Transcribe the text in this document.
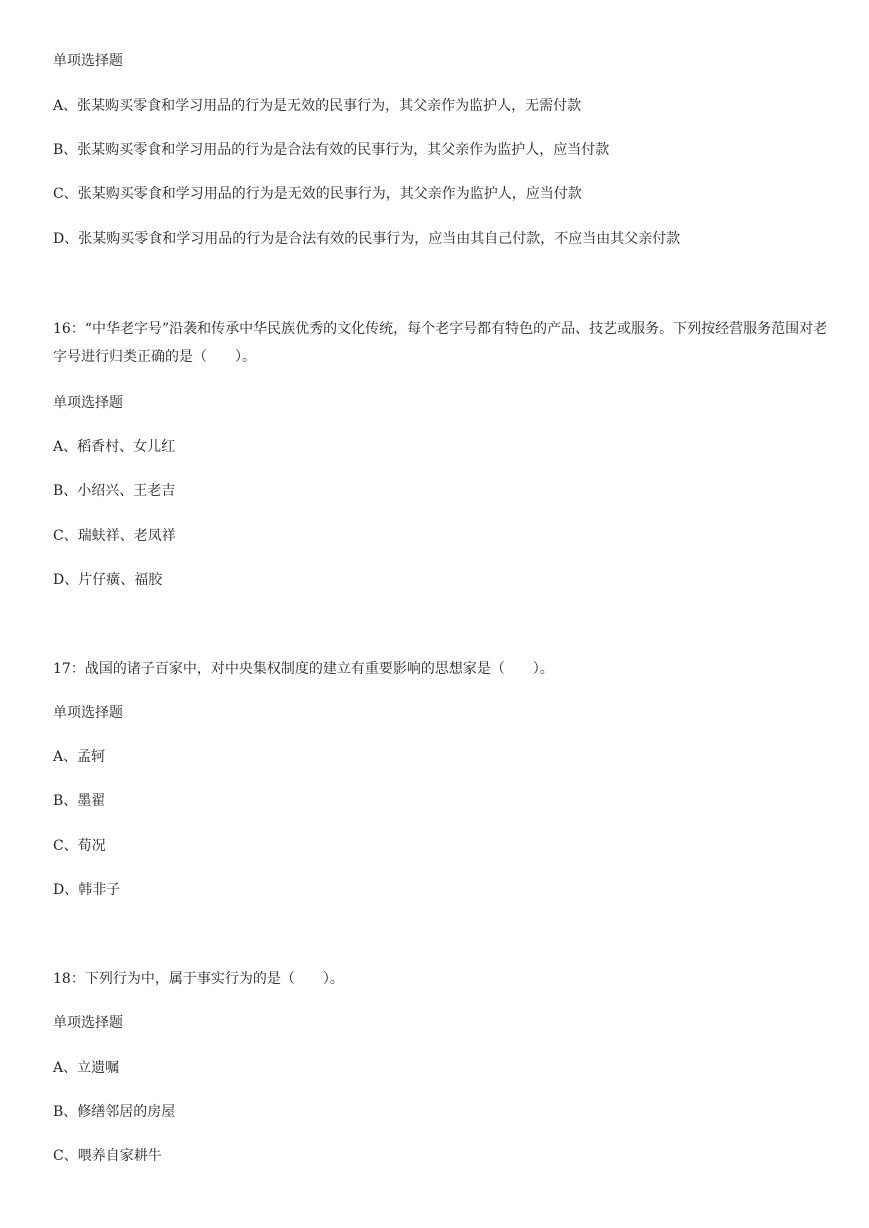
单项选择题
A、张某购买零食和学习用品的行为是无效的民事行为，其父亲作为监护人，无需付款
B、张某购买零食和学习用品的行为是合法有效的民事行为，其父亲作为监护人，应当付款
C、张某购买零食和学习用品的行为是无效的民事行为，其父亲作为监护人，应当付款
D、张某购买零食和学习用品的行为是合法有效的民事行为，应当由其自己付款，不应当由其父亲付款
16：“中华老字号”沿袭和传承中华民族优秀的文化传统，每个老字号都有特色的产品、技艺或服务。下列按经营服务范围对老字号进行归类正确的是（　　）。
单项选择题
A、稻香村、女儿红
B、小绍兴、王老吉
C、瑞蚨祥、老凤祥
D、片仔癀、福胶
17：战国的诸子百家中，对中央集权制度的建立有重要影响的思想家是（　　）。
单项选择题
A、孟轲
B、墨翟
C、荀况
D、韩非子
18：下列行为中，属于事实行为的是（　　）。
单项选择题
A、立遗嘱
B、修缮邻居的房屋
C、喂养自家耕牛
